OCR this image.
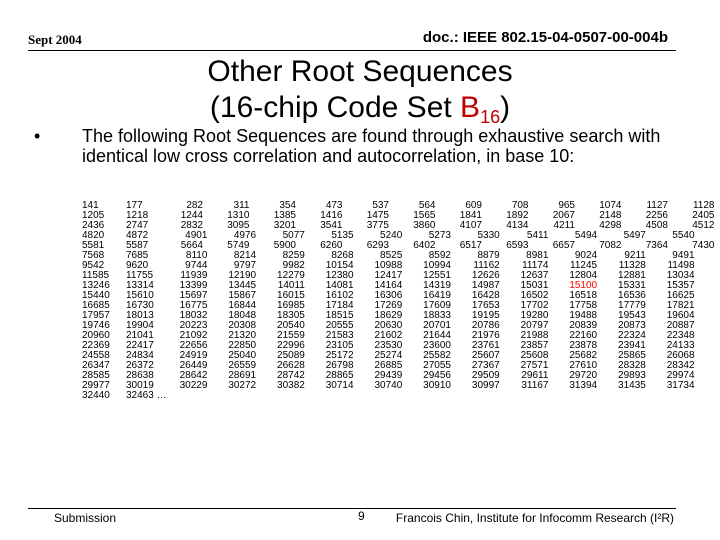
Sept 2004	doc.: IEEE 802.15-04-0507-00-004b
Other Root Sequences
(16-chip Code Set $B_{16}$)
• The following Root Sequences are found through exhaustive search with identical low cross correlation and autocorrelation, in base 10:
141	177	282	311	354	473	537	564	609	708	965	1074	1127	1128
1205	1218	1244	1310	1385	1416	1475	1565	1841	1892	2067	2148	2256	2405
2436	2747	2832	3095	3201	3541	3775	3860	4107	4134	4211	4298	4508	4512
4820	4872	4901	4976	5077	5135	5240	5273	5330	5411	5494	5497	5540
5581	5587	5664	5749	5900	6260	6293	6402	6517	6593	6657	7082	7364	7430
7568	7685	8110	8214	8259	8268	8525	8592	8879	8981	9024	9211	9491
9542	9620	9744	9797	9982	10154	10988	10994	11162	11174	11245	11328	11498
11585 11755	11939	12190	12279	12380	12417	12551	12626	12637	12804	12881	13034
13246 13314	13399	13445	14011	14081	14164	14319	14987	15031	15100	15331	15357
15440 15610	15697	15867	16015	16102	16306	16419	16428	16502	16518	16536	16625
16685 16730	16775	16844	16985	17184	17269	17609	17653	17702	17758	17779	17821
17957 18013	18032	18048	18305	18515	18629	18833	19195	19280	19488	19543	19604
19746 19904	20223	20308	20540	20555	20630	20701	20786	20797	20839	20873	20887
20960 21041	21092	21320	21559	21583	21602	21644	21976	21988	22160	22324	22348
22369 22417	22656	22850	22996	23105	23530	23600	23761	23857	23878	23941	24133
24558 24834	24919	25040	25089	25172	25274	25582	25607	25608	25682	25865	26068
26347 26372	26449	26559	26628	26798	26885	27055	27367	27571	27610	28328	28342
28585 28638	28642	28691	28742	28865	29439	29456	29509	29611	29720	29893	29974
29977 30019	30229	30272	30382	30714	30740	30910	30997	31167	31394	31435	31734
32440 32463 …
Submission	9	Francois Chin, Institute for Infocomm Research (I²R)
